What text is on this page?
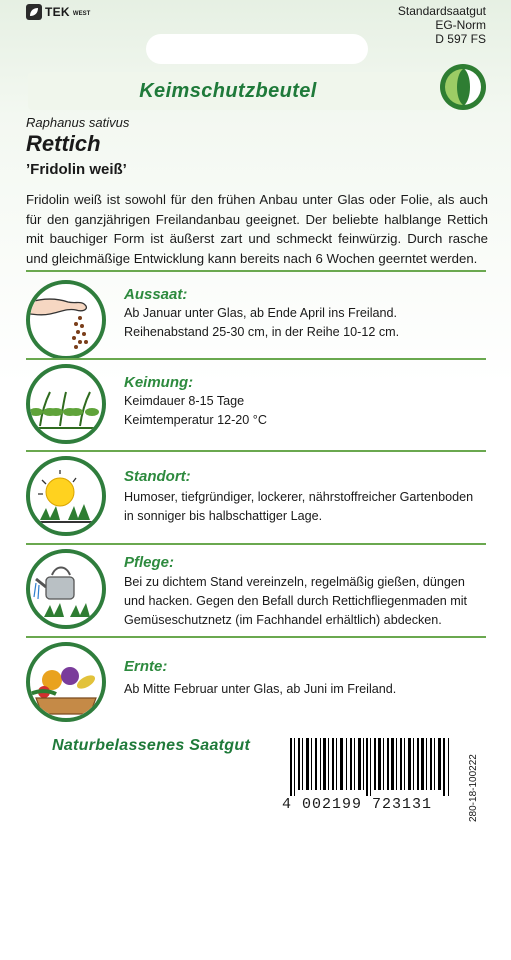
TEK WEST	Standardsaatgut
EG-Norm
D 597 FS
Keimschutzbeutel
Raphanus sativus
Rettich
’Fridolin weiß’
Fridolin weiß ist sowohl für den frühen Anbau unter Glas oder Folie, als auch für den ganzjährigen Freilandanbau geeignet. Der beliebte halblange Rettich mit bauchiger Form ist äußerst zart und schmeckt feinwürzig. Durch rasche und gleichmäßige Entwicklung kann bereits nach 6 Wochen geerntet werden.
Aussaat:
Ab Januar unter Glas, ab Ende April ins Freiland. Reihenabstand 25-30 cm, in der Reihe 10-12 cm.
Keimung:
Keimdauer 8-15 Tage
Keimtemperatur 12-20 °C
Standort:
Humoser, tiefgründiger, lockerer, nährstoffreicher Gartenboden in sonniger bis halbschattiger Lage.
Pflege:
Bei zu dichtem Stand vereinzeln, regelmäßig gießen, düngen und hacken. Gegen den Befall durch Rettichfliegenmaden mit Gemüseschutznetz (im Fachhandel erhältlich) abdecken.
Ernte:
Ab Mitte Februar unter Glas, ab Juni im Freiland.
Naturbelassenes Saatgut
4 002199 723131	280-18-100222
